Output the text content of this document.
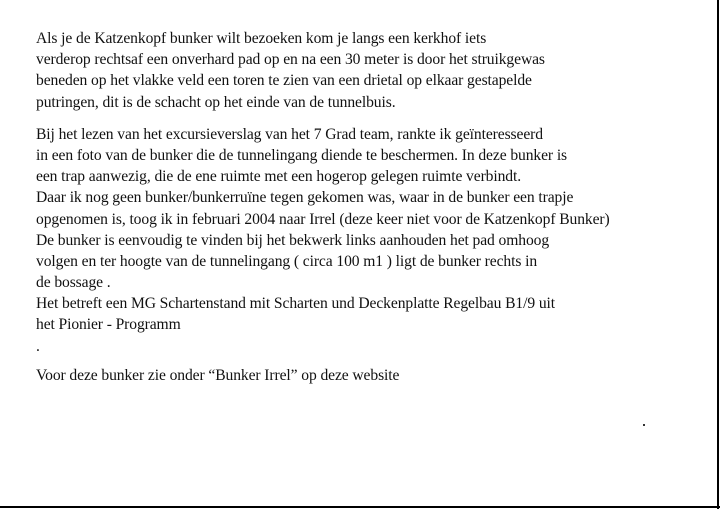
Als je de Katzenkopf bunker wilt bezoeken kom je langs een kerkhof iets
verderop rechtsaf een onverhard pad op en na een 30 meter is door het struikgewas
beneden op het vlakke veld een toren te zien van een drietal op elkaar gestapelde
putringen, dit is de schacht op het einde van de tunnelbuis.
Bij het lezen van het excursieverslag van het 7 Grad team, rankte ik geïnteresseerd
in een foto van de bunker die de tunnelingang diende te beschermen. In deze bunker is
een trap aanwezig, die de ene ruimte met een hogerop gelegen ruimte verbindt.
Daar ik nog geen bunker/bunkerruïne tegen gekomen was, waar in de bunker een trapje
opgenomen is, toog ik in februari 2004 naar Irrel (deze keer niet voor de Katzenkopf Bunker)
De bunker is eenvoudig te vinden bij het bekwerk links aanhouden het pad omhoog
volgen en ter hoogte van de tunnelingang ( circa 100 m1 ) ligt de bunker rechts in
de bossage .
Het betreft een MG Schartenstand mit Scharten und Deckenplatte Regelbau B1/9 uit
het Pionier - Programm
.
Voor deze bunker zie onder “Bunker Irrel” op deze website
